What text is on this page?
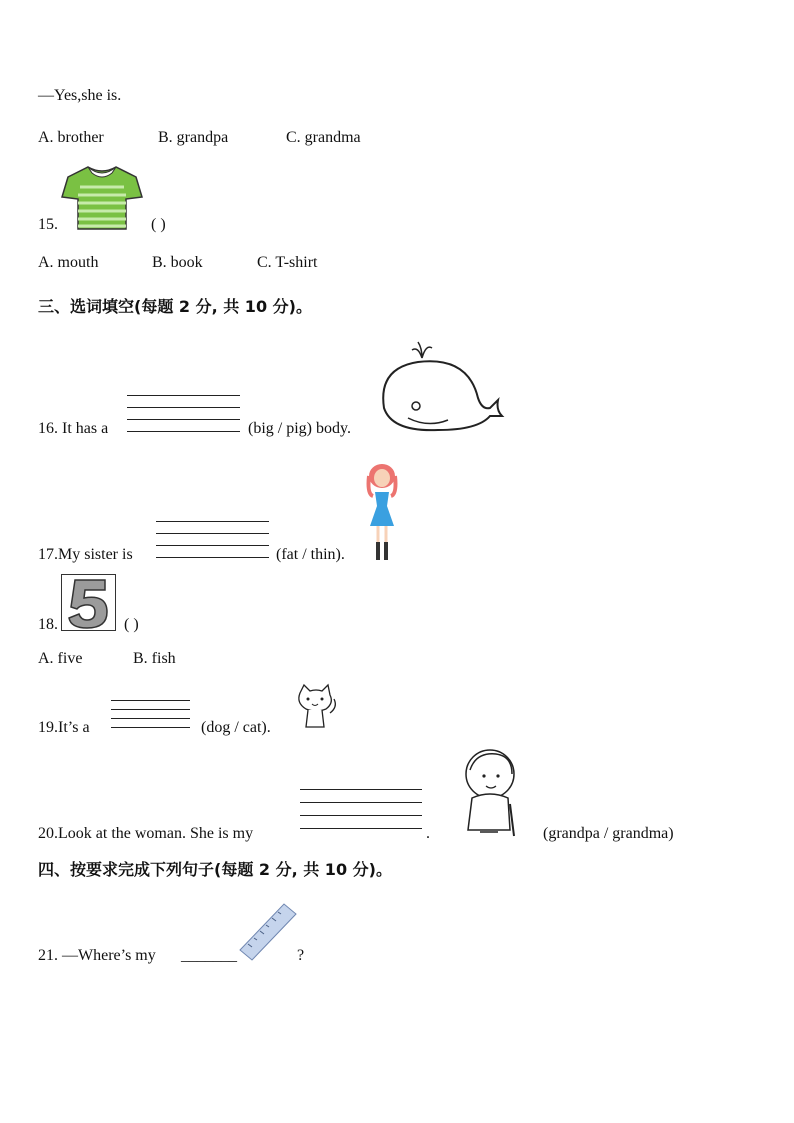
—Yes,she is.
A. brother	B. grandpa	C. grandma
15.	( )
A. mouth	B. book	C. T-shirt
三、选词填空(每题 2 分, 共 10 分)。
16. It has a	(big / pig) body.
17.My sister is	(fat / thin).
18.	( )
A. five	B. fish
19.It’s a	(dog / cat).
20.Look at the woman. She is my	.	(grandpa / grandma)
四、按要求完成下列句子(每题 2 分, 共 10 分)。
21. —Where’s my _______	?
